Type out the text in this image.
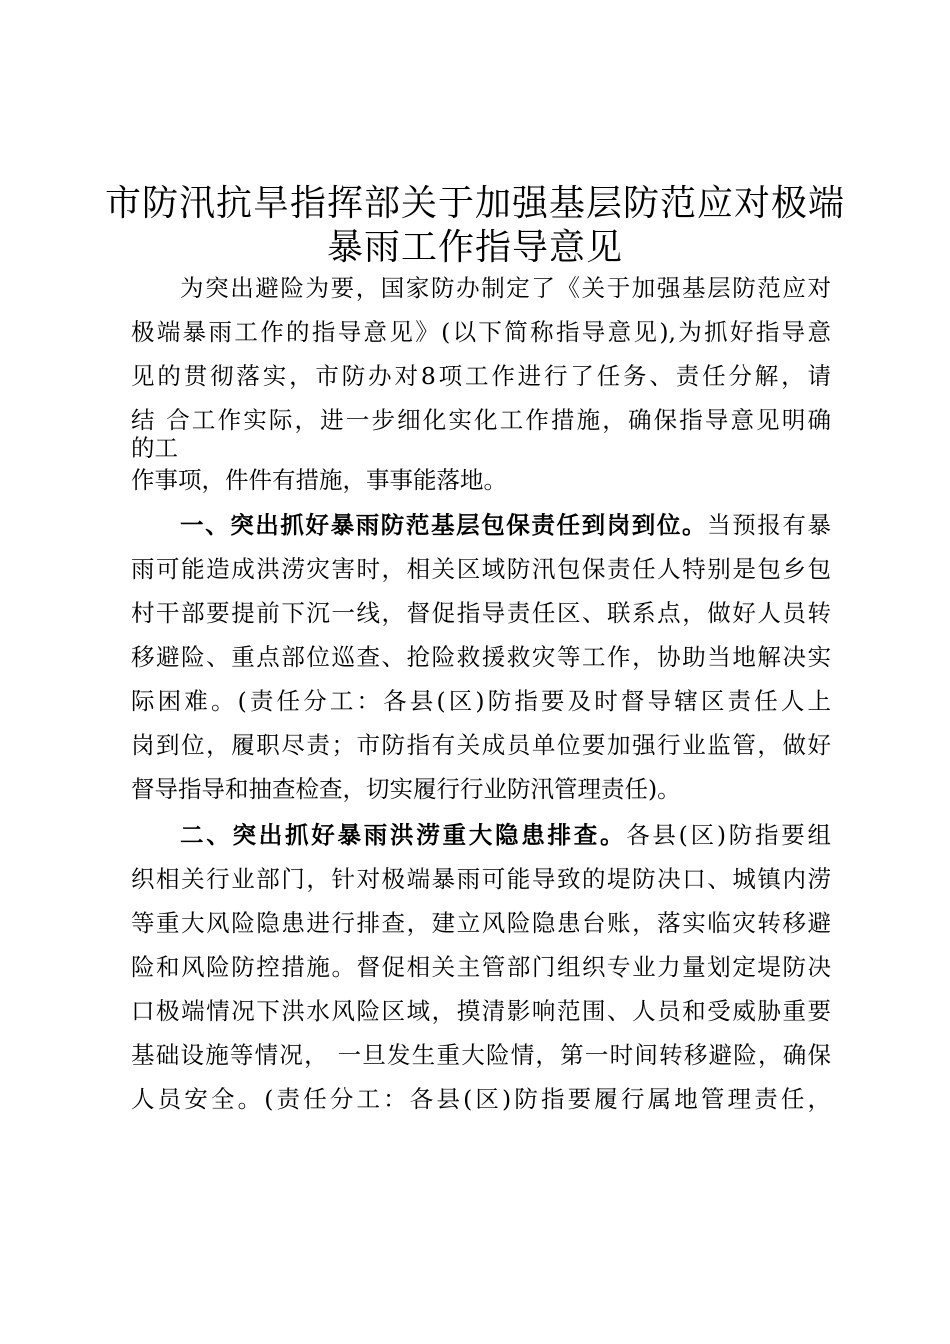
市防汛抗旱指挥部关于加强基层防范应对极端
暴雨工作指导意见
为突出避险为要，国家防办制定了《关于加强基层防范应对
极端暴雨工作的指导意见》(以下简称指导意见),为抓好指导意
见的贯彻落实，市防办对8项工作进行了任务、责任分解，请
结 合工作实际，进一步细化实化工作措施，确保指导意见明确
的工
作事项，件件有措施，事事能落地。
一、突出抓好暴雨防范基层包保责任到岗到位。当预报有暴
雨可能造成洪涝灾害时，相关区域防汛包保责任人特别是包乡包
村干部要提前下沉一线，督促指导责任区、联系点，做好人员转
移避险、重点部位巡查、抢险救援救灾等工作，协助当地解决实
际困难。(责任分工：各县(区)防指要及时督导辖区责任人上
岗到位，履职尽责；市防指有关成员单位要加强行业监管，做好
督导指导和抽查检查，切实履行行业防汛管理责任)。
二、突出抓好暴雨洪涝重大隐患排查。各县(区)防指要组
织相关行业部门，针对极端暴雨可能导致的堤防决口、城镇内涝
等重大风险隐患进行排查，建立风险隐患台账，落实临灾转移避
险和风险防控措施。督促相关主管部门组织专业力量划定堤防决
口极端情况下洪水风险区域，摸清影响范围、人员和受威胁重要
基础设施等情况， 一旦发生重大险情，第一时间转移避险，确保
人员安全。(责任分工：各县(区)防指要履行属地管理责任，
